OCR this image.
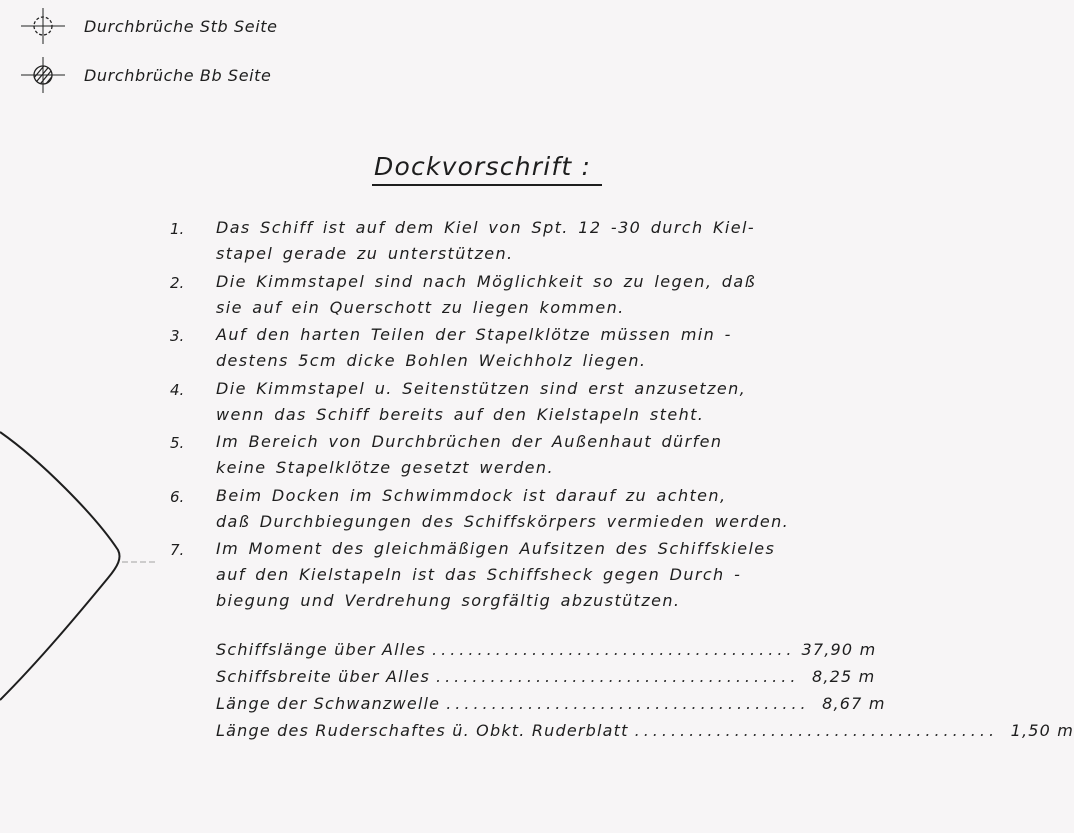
Durchbrüche Stb Seite
Durchbrüche Bb Seite
Dockvorschrift :
1. Das Schiff ist auf dem Kiel von Spt. 12 -30 durch Kiel-
stapel gerade zu unterstützen.
2. Die Kimmstapel sind nach Möglichkeit so zu legen, daß
sie auf ein Querschott zu liegen kommen.
3. Auf den harten Teilen der Stapelklötze müssen min -
destens 5cm dicke Bohlen Weichholz liegen.
4. Die Kimmstapel u. Seitenstützen sind erst anzusetzen,
wenn das Schiff bereits auf den Kielstapeln steht.
5. Im Bereich von Durchbrüchen der Außenhaut dürfen
keine Stapelklötze gesetzt werden.
6. Beim Docken im Schwimmdock ist darauf zu achten,
daß Durchbiegungen des Schiffskörpers vermieden werden.
7. Im Moment des gleichmäßigen Aufsitzen des Schiffskieles
auf den Kielstapeln ist das Schiffsheck gegen Durch -
biegung und Verdrehung sorgfältig abzustützen.
Schiffslänge über Alles ........................................ 37,90 m
Schiffsbreite über Alles ........................................ 8,25 m
Länge der Schwanzwelle ........................................ 8,67 m
Länge des Ruderschaftes ü. Obkt. Ruderblatt ........................................ 1,50 m
